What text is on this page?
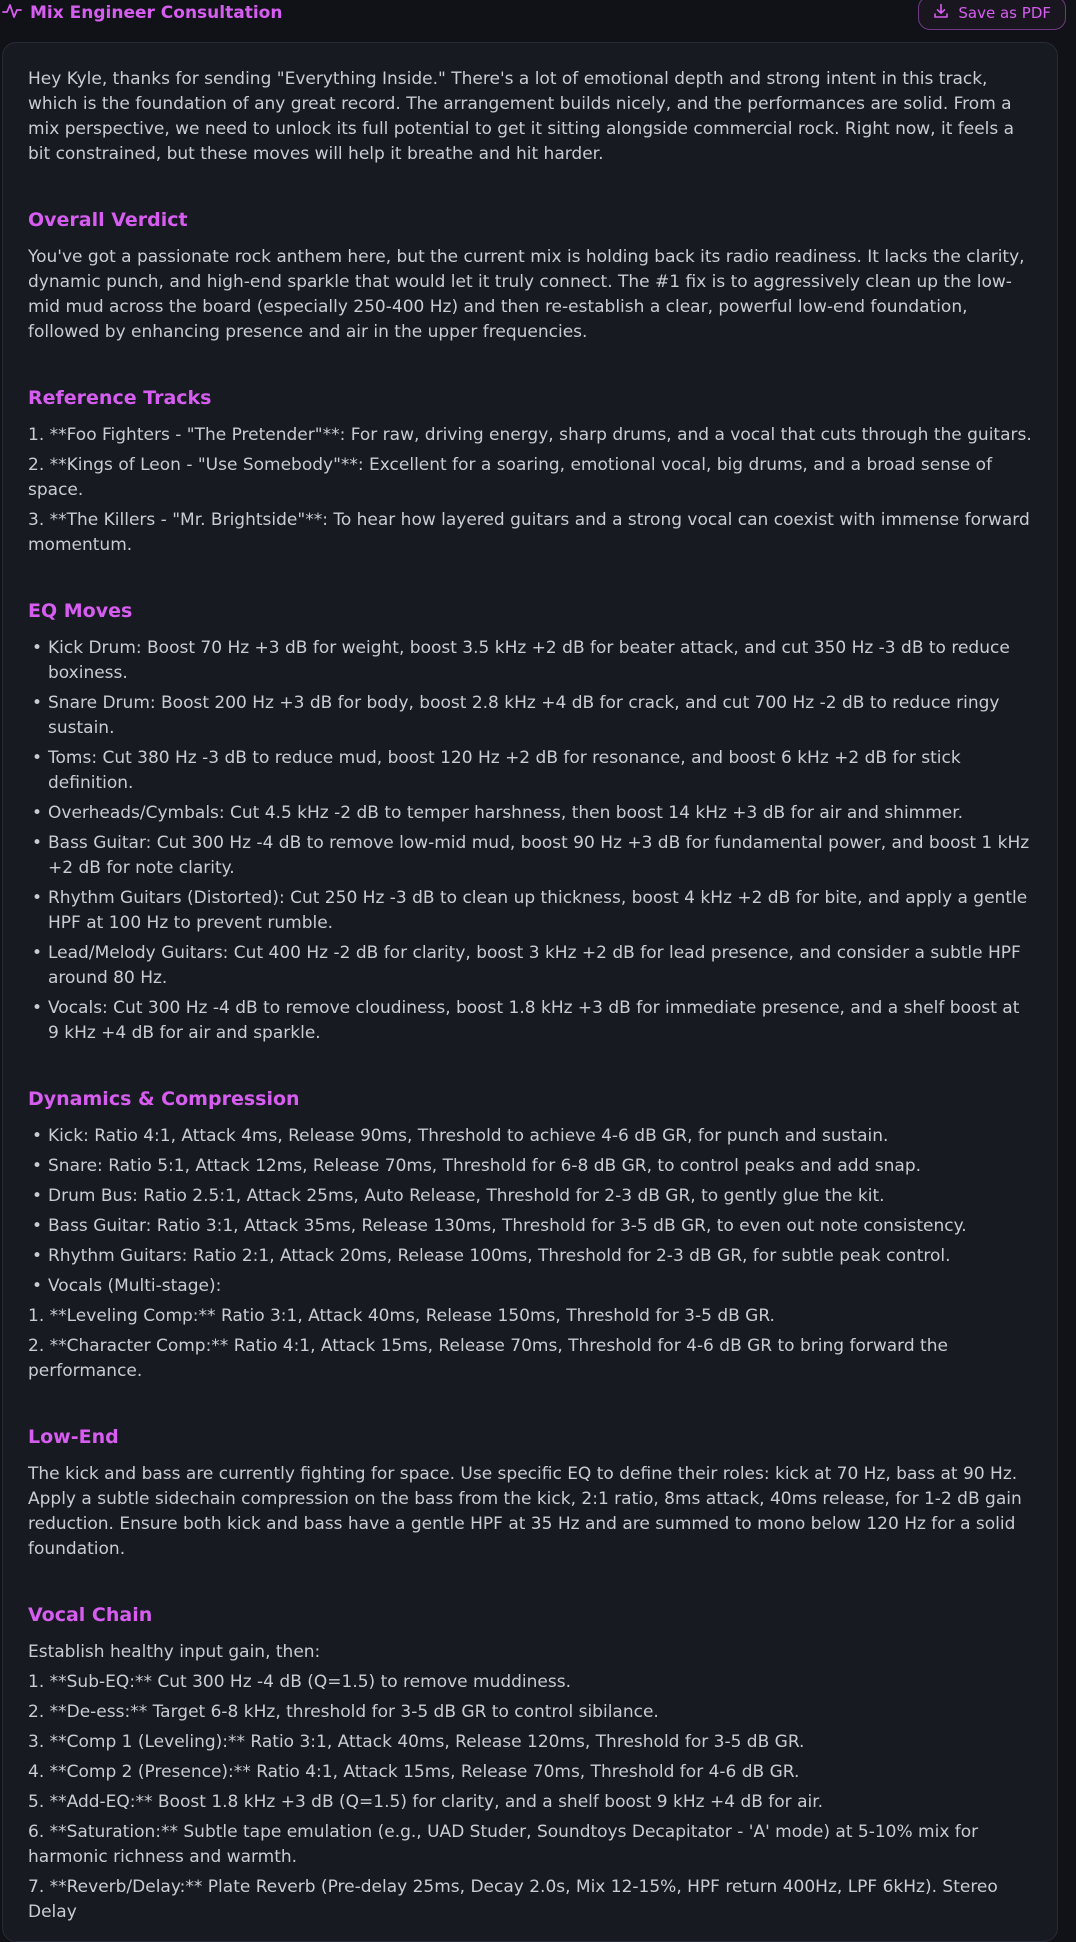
Mix Engineer Consultation	Save as PDF

Hey Kyle, thanks for sending "Everything Inside." There's a lot of emotional depth and strong intent in this track, which is the foundation of any great record. The arrangement builds nicely, and the performances are solid. From a mix perspective, we need to unlock its full potential to get it sitting alongside commercial rock. Right now, it feels a bit constrained, but these moves will help it breathe and hit harder.

Overall Verdict

You've got a passionate rock anthem here, but the current mix is holding back its radio readiness. It lacks the clarity, dynamic punch, and high-end sparkle that would let it truly connect. The #1 fix is to aggressively clean up the low-mid mud across the board (especially 250-400 Hz) and then re-establish a clear, powerful low-end foundation, followed by enhancing presence and air in the upper frequencies.

Reference Tracks

1. **Foo Fighters - "The Pretender"**: For raw, driving energy, sharp drums, and a vocal that cuts through the guitars.

2. **Kings of Leon - "Use Somebody"**: Excellent for a soaring, emotional vocal, big drums, and a broad sense of space.

3. **The Killers - "Mr. Brightside"**: To hear how layered guitars and a strong vocal can coexist with immense forward momentum.

EQ Moves
• Kick Drum: Boost 70 Hz +3 dB for weight, boost 3.5 kHz +2 dB for beater attack, and cut 350 Hz -3 dB to reduce boxiness.
• Snare Drum: Boost 200 Hz +3 dB for body, boost 2.8 kHz +4 dB for crack, and cut 700 Hz -2 dB to reduce ringy sustain.
• Toms: Cut 380 Hz -3 dB to reduce mud, boost 120 Hz +2 dB for resonance, and boost 6 kHz +2 dB for stick definition.
• Overheads/Cymbals: Cut 4.5 kHz -2 dB to temper harshness, then boost 14 kHz +3 dB for air and shimmer.
• Bass Guitar: Cut 300 Hz -4 dB to remove low-mid mud, boost 90 Hz +3 dB for fundamental power, and boost 1 kHz +2 dB for note clarity.
• Rhythm Guitars (Distorted): Cut 250 Hz -3 dB to clean up thickness, boost 4 kHz +2 dB for bite, and apply a gentle HPF at 100 Hz to prevent rumble.
• Lead/Melody Guitars: Cut 400 Hz -2 dB for clarity, boost 3 kHz +2 dB for lead presence, and consider a subtle HPF around 80 Hz.
• Vocals: Cut 300 Hz -4 dB to remove cloudiness, boost 1.8 kHz +3 dB for immediate presence, and a shelf boost at 9 kHz +4 dB for air and sparkle.
Dynamics & Compression
• Kick: Ratio 4:1, Attack 4ms, Release 90ms, Threshold to achieve 4-6 dB GR, for punch and sustain.
• Snare: Ratio 5:1, Attack 12ms, Release 70ms, Threshold for 6-8 dB GR, to control peaks and add snap.
• Drum Bus: Ratio 2.5:1, Attack 25ms, Auto Release, Threshold for 2-3 dB GR, to gently glue the kit.
• Bass Guitar: Ratio 3:1, Attack 35ms, Release 130ms, Threshold for 3-5 dB GR, to even out note consistency.
• Rhythm Guitars: Ratio 2:1, Attack 20ms, Release 100ms, Threshold for 2-3 dB GR, for subtle peak control.
• Vocals (Multi-stage):

1. **Leveling Comp:** Ratio 3:1, Attack 40ms, Release 150ms, Threshold for 3-5 dB GR.

2. **Character Comp:** Ratio 4:1, Attack 15ms, Release 70ms, Threshold for 4-6 dB GR to bring forward the performance.

Low-End

The kick and bass are currently fighting for space. Use specific EQ to define their roles: kick at 70 Hz, bass at 90 Hz. Apply a subtle sidechain compression on the bass from the kick, 2:1 ratio, 8ms attack, 40ms release, for 1-2 dB gain reduction. Ensure both kick and bass have a gentle HPF at 35 Hz and are summed to mono below 120 Hz for a solid foundation.

Vocal Chain

Establish healthy input gain, then:

1. **Sub-EQ:** Cut 300 Hz -4 dB (Q=1.5) to remove muddiness.

2. **De-ess:** Target 6-8 kHz, threshold for 3-5 dB GR to control sibilance.

3. **Comp 1 (Leveling):** Ratio 3:1, Attack 40ms, Release 120ms, Threshold for 3-5 dB GR.

4. **Comp 2 (Presence):** Ratio 4:1, Attack 15ms, Release 70ms, Threshold for 4-6 dB GR.

5. **Add-EQ:** Boost 1.8 kHz +3 dB (Q=1.5) for clarity, and a shelf boost 9 kHz +4 dB for air.

6. **Saturation:** Subtle tape emulation (e.g., UAD Studer, Soundtoys Decapitator - 'A' mode) at 5-10% mix for harmonic richness and warmth.

7. **Reverb/Delay:** Plate Reverb (Pre-delay 25ms, Decay 2.0s, Mix 12-15%, HPF return 400Hz, LPF 6kHz). Stereo Delay
